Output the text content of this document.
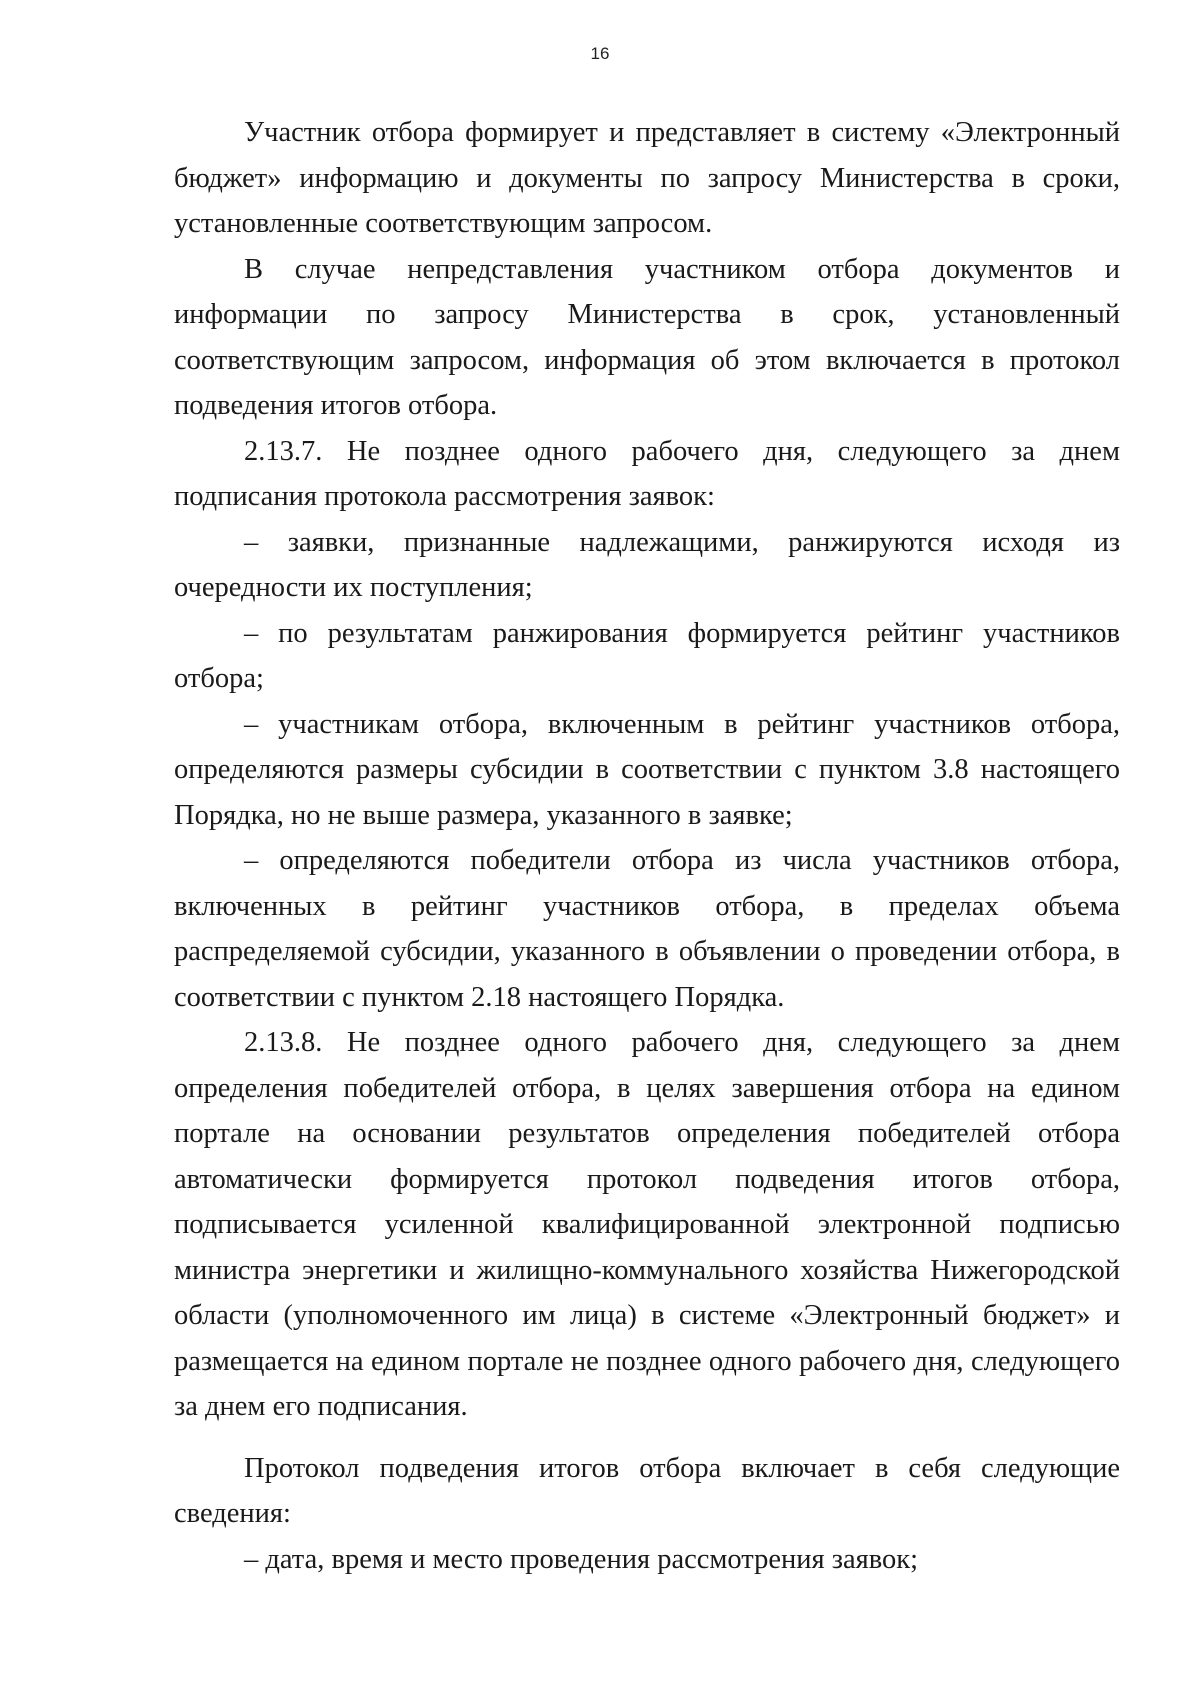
16

Участник отбора формирует и представляет в систему «Электронный бюджет» информацию и документы по запросу Министерства в сроки, установленные соответствующим запросом.

В случае непредставления участником отбора документов и информации по запросу Министерства в срок, установленный соответствующим запросом, информация об этом включается в протокол подведения итогов отбора.

2.13.7. Не позднее одного рабочего дня, следующего за днем подписания протокола рассмотрения заявок:

– заявки, признанные надлежащими, ранжируются исходя из очередности их поступления;

– по результатам ранжирования формируется рейтинг участников отбора;

– участникам отбора, включенным в рейтинг участников отбора, определяются размеры субсидии в соответствии с пунктом 3.8 настоящего Порядка, но не выше размера, указанного в заявке;

– определяются победители отбора из числа участников отбора, включенных в рейтинг участников отбора, в пределах объема распределяемой субсидии, указанного в объявлении о проведении отбора, в соответствии с пунктом 2.18 настоящего Порядка.

2.13.8. Не позднее одного рабочего дня, следующего за днем определения победителей отбора, в целях завершения отбора на едином портале на основании результатов определения победителей отбора автоматически формируется протокол подведения итогов отбора, подписывается усиленной квалифицированной электронной подписью министра энергетики и жилищно-коммунального хозяйства Нижегородской области (уполномоченного им лица) в системе «Электронный бюджет» и размещается на едином портале не позднее одного рабочего дня, следующего за днем его подписания.

Протокол подведения итогов отбора включает в себя следующие сведения:

– дата, время и место проведения рассмотрения заявок;
